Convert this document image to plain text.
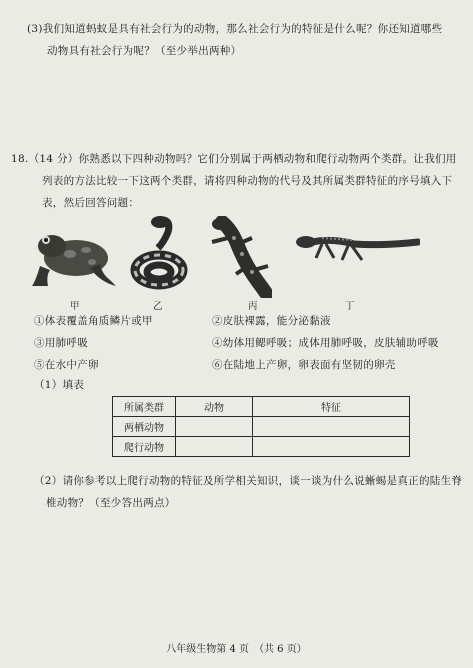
(3)我们知道蚂蚁是具有社会行为的动物，那么社会行为的特征是什么呢？你还知道哪些
动物具有社会行为呢？（至少举出两种）
18.（14 分）你熟悉以下四种动物吗？它们分别属于两栖动物和爬行动物两个类群。让我们用
列表的方法比较一下这两个类群，请将四种动物的代号及其所属类群特征的序号填入下
表，然后回答问题：
甲	乙	丙	丁
①体表覆盖角质鳞片或甲	②皮肤裸露，能分泌黏液
③用肺呼吸	④幼体用鳃呼吸；成体用肺呼吸，皮肤辅助呼吸
⑤在水中产卵	⑥在陆地上产卵，卵表面有坚韧的卵壳
（1）填表
所属类群	动物	特征
两栖动物		
爬行动物		
（2）请你参考以上爬行动物的特征及所学相关知识，谈一谈为什么说蜥蜴是真正的陆生脊
椎动物？（至少答出两点）
八年级生物第 4 页　（共 6 页）
